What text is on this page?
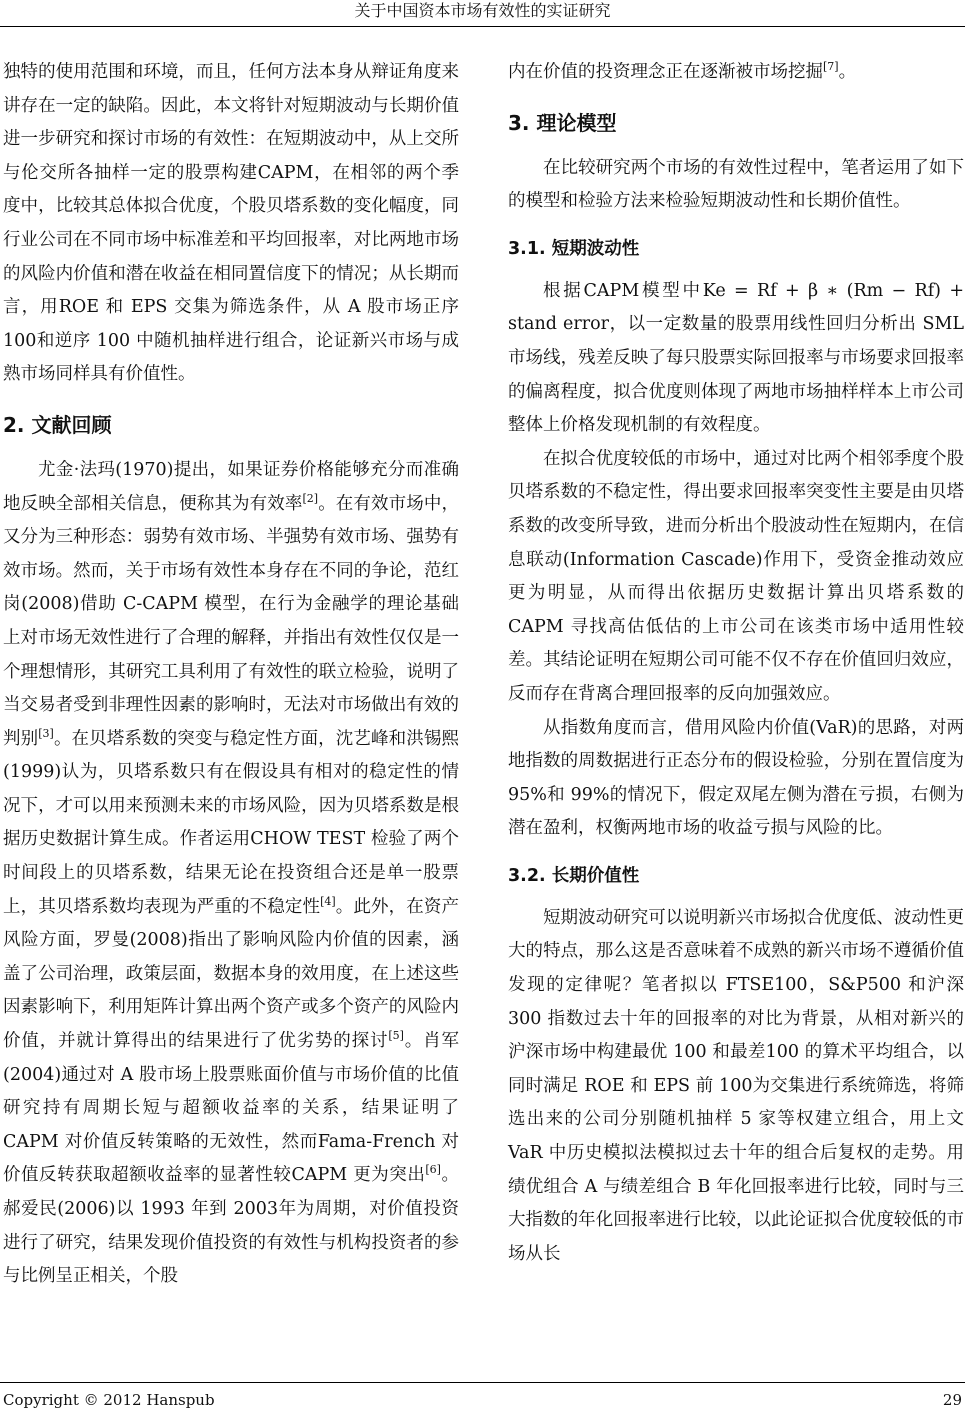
关于中国资本市场有效性的实证研究

独特的使用范围和环境，而且，任何方法本身从辩证角度来讲存在一定的缺陷。因此，本文将针对短期波动与长期价值进一步研究和探讨市场的有效性：在短期波动中，从上交所与伦交所各抽样一定的股票构建CAPM，在相邻的两个季度中，比较其总体拟合优度，个股贝塔系数的变化幅度，同行业公司在不同市场中标准差和平均回报率，对比两地市场的风险内价值和潜在收益在相同置信度下的情况；从长期而言，用ROE 和 EPS 交集为筛选条件，从 A 股市场正序 100和逆序 100 中随机抽样进行组合，论证新兴市场与成熟市场同样具有价值性。

2. 文献回顾

尤金·法玛(1970)提出，如果证券价格能够充分而准确地反映全部相关信息，便称其为有效率[2]。在有效市场中，又分为三种形态：弱势有效市场、半强势有效市场、强势有效市场。然而，关于市场有效性本身存在不同的争论，范红岗(2008)借助 C-CAPM 模型，在行为金融学的理论基础上对市场无效性进行了合理的解释，并指出有效性仅仅是一个理想情形，其研究工具利用了有效性的联立检验，说明了当交易者受到非理性因素的影响时，无法对市场做出有效的判别[3]。在贝塔系数的突变与稳定性方面，沈艺峰和洪锡熙(1999)认为，贝塔系数只有在假设具有相对的稳定性的情况下，才可以用来预测未来的市场风险，因为贝塔系数是根据历史数据计算生成。作者运用CHOW TEST 检验了两个时间段上的贝塔系数，结果无论在投资组合还是单一股票上，其贝塔系数均表现为严重的不稳定性[4]。此外，在资产风险方面，罗曼(2008)指出了影响风险内价值的因素，涵盖了公司治理，政策层面，数据本身的效用度，在上述这些因素影响下，利用矩阵计算出两个资产或多个资产的风险内价值，并就计算得出的结果进行了优劣势的探讨[5]。肖军(2004)通过对 A 股市场上股票账面价值与市场价值的比值研究持有周期长短与超额收益率的关系，结果证明了 CAPM 对价值反转策略的无效性，然而Fama-French 对价值反转获取超额收益率的显著性较CAPM 更为突出[6]。郝爱民(2006)以 1993 年到 2003年为周期，对价值投资进行了研究，结果发现价值投资的有效性与机构投资者的参与比例呈正相关，个股

内在价值的投资理念正在逐渐被市场挖掘[7]。

3. 理论模型

在比较研究两个市场的有效性过程中，笔者运用了如下的模型和检验方法来检验短期波动性和长期价值性。

3.1. 短期波动性

根据CAPM模型中Ke = Rf + β ∗ (Rm − Rf) + stand error，以一定数量的股票用线性回归分析出 SML 市场线，残差反映了每只股票实际回报率与市场要求回报率的偏离程度，拟合优度则体现了两地市场抽样样本上市公司整体上价格发现机制的有效程度。

在拟合优度较低的市场中，通过对比两个相邻季度个股贝塔系数的不稳定性，得出要求回报率突变性主要是由贝塔系数的改变所导致，进而分析出个股波动性在短期内，在信息联动(Information Cascade)作用下，受资金推动效应更为明显，从而得出依据历史数据计算出贝塔系数的 CAPM 寻找高估低估的上市公司在该类市场中适用性较差。其结论证明在短期公司可能不仅不存在价值回归效应，反而存在背离合理回报率的反向加强效应。

从指数角度而言，借用风险内价值(VaR)的思路，对两地指数的周数据进行正态分布的假设检验，分别在置信度为 95%和 99%的情况下，假定双尾左侧为潜在亏损，右侧为潜在盈利，权衡两地市场的收益亏损与风险的比。

3.2. 长期价值性

短期波动研究可以说明新兴市场拟合优度低、波动性更大的特点，那么这是否意味着不成熟的新兴市场不遵循价值发现的定律呢？笔者拟以 FTSE100，S&P500 和沪深 300 指数过去十年的回报率的对比为背景，从相对新兴的沪深市场中构建最优 100 和最差100 的算术平均组合，以同时满足 ROE 和 EPS 前 100为交集进行系统筛选，将筛选出来的公司分别随机抽样 5 家等权建立组合，用上文 VaR 中历史模拟法模拟过去十年的组合后复权的走势。用绩优组合 A 与绩差组合 B 年化回报率进行比较，同时与三大指数的年化回报率进行比较，以此论证拟合优度较低的市场从长

Copyright © 2012 Hanspub	29
